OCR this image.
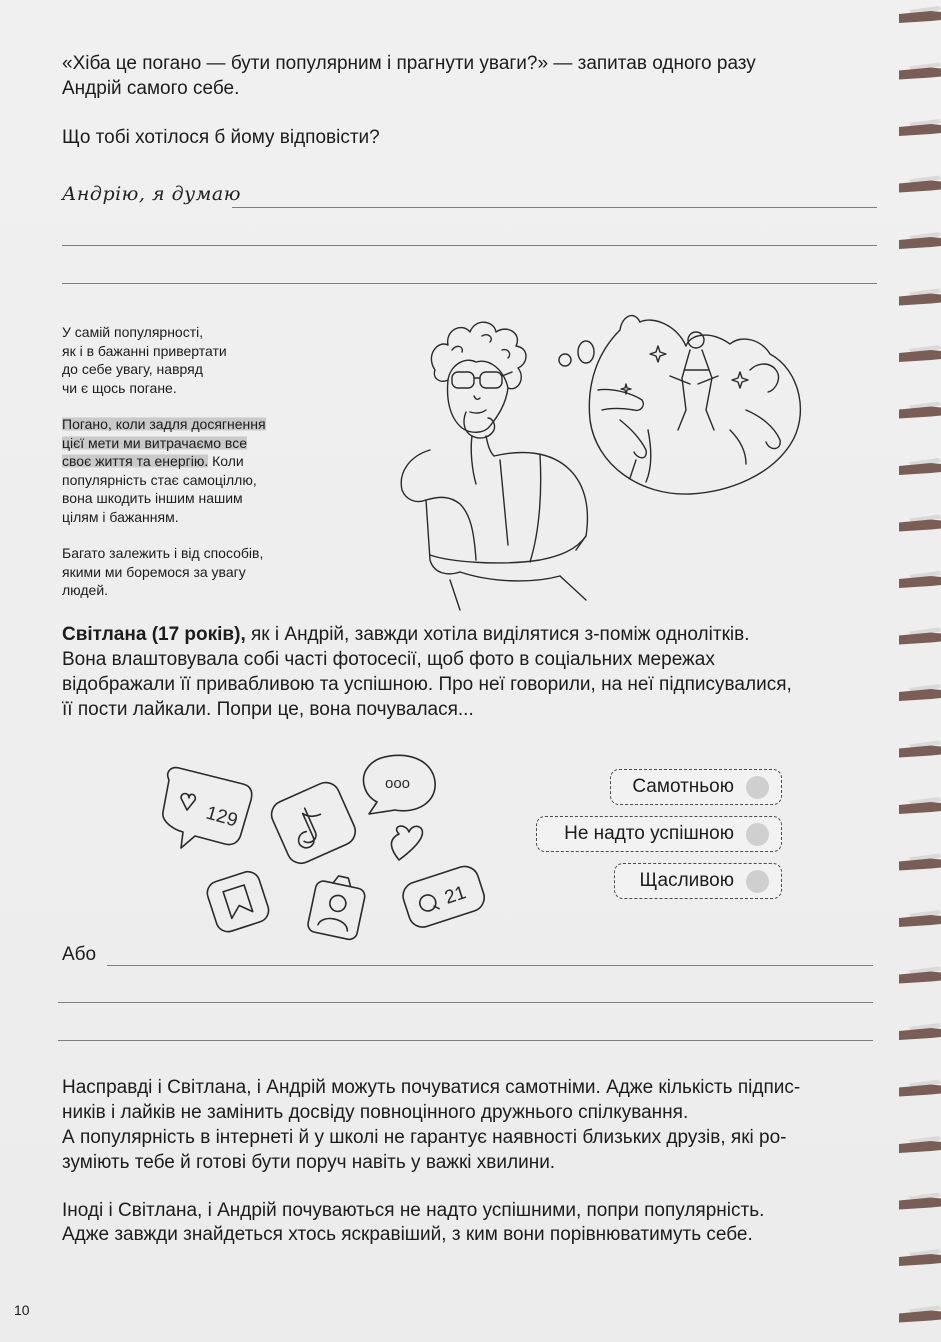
«Хіба це погано — бути популярним і прагнути уваги?» — запитав одного разу

Андрій самого себе.

Що тобі хотілося б йому відповісти?

Андрію, я думаю
У самій популярності,
як і в бажанні привертати
до себе увагу, навряд
чи є щось погане.
Погано, коли задля досягнення
цієї мети ми витрачаємо все
своє життя та енергію. Коли
популярність стає самоціллю,
вона шкодить іншим нашим
цілям і бажанням.
Багато залежить і від способів,
якими ми боремося за увагу
людей.

Світлана (17 років), як і Андрій, завжди хотіла виділятися з-поміж однолітків.

Вона влаштовувала собі часті фотосесії, щоб фото в соціальних мережах

відображали її привабливою та успішною. Про неї говорили, на неї підписувалися,

її пости лайкали. Попри це, вона почувалася...

129
ooo
21
Самотньою
Не надто успішною
Щасливою

Або

Насправді і Світлана, і Андрій можуть почуватися самотніми. Адже кількість підпис-

ників і лайків не замінить досвіду повноцінного дружнього спілкування.

А популярність в інтернеті й у школі не гарантує наявності близьких друзів, які ро-

зуміють тебе й готові бути поруч навіть у важкі хвилини.

Іноді і Світлана, і Андрій почуваються не надто успішними, попри популярність.

Адже завжди знайдеться хтось яскравіший, з ким вони порівнюватимуть себе.

10
